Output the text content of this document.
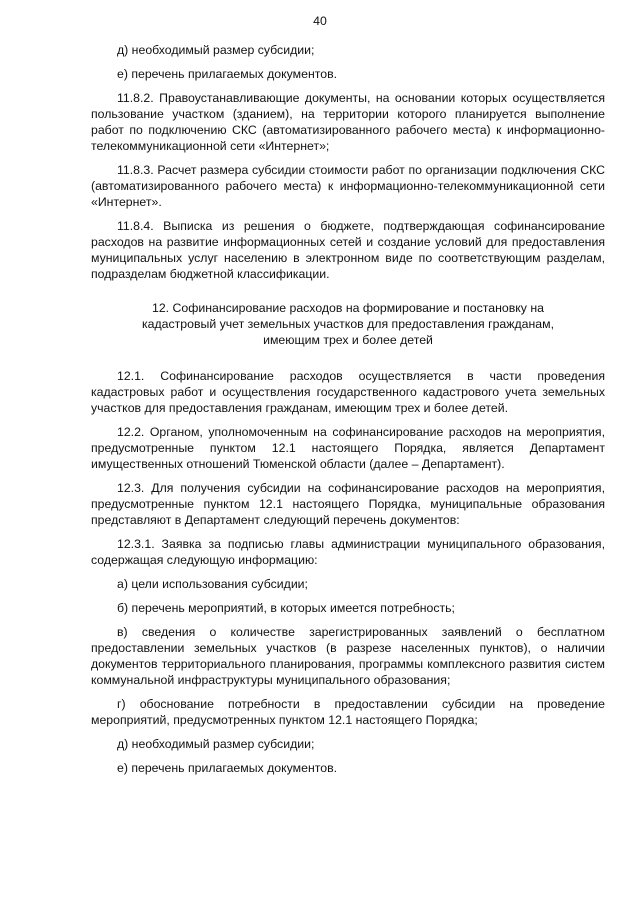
40

д) необходимый размер субсидии;

е) перечень прилагаемых документов.

11.8.2. Правоустанавливающие документы, на основании которых осуществляется пользование участком (зданием), на территории которого планируется выполнение работ по подключению СКС (автоматизированного рабочего места) к информационно-телекоммуникационной сети «Интернет»;

11.8.3. Расчет размера субсидии стоимости работ по организации подключения СКС (автоматизированного рабочего места) к информационно-телекоммуникационной сети «Интернет».

11.8.4. Выписка из решения о бюджете, подтверждающая софинансирование расходов на развитие информационных сетей и создание условий для предоставления муниципальных услуг населению в электронном виде по соответствующим разделам, подразделам бюджетной классификации.

12. Софинансирование расходов на формирование и постановку на кадастровый учет земельных участков для предоставления гражданам, имеющим трех и более детей

12.1. Софинансирование расходов осуществляется в части проведения кадастровых работ и осуществления государственного кадастрового учета земельных участков для предоставления гражданам, имеющим трех и более детей.

12.2. Органом, уполномоченным на софинансирование расходов на мероприятия, предусмотренные пунктом 12.1 настоящего Порядка, является Департамент имущественных отношений Тюменской области (далее – Департамент).

12.3. Для получения субсидии на софинансирование расходов на мероприятия, предусмотренные пунктом 12.1 настоящего Порядка, муниципальные образования представляют в Департамент следующий перечень документов:

12.3.1. Заявка за подписью главы администрации муниципального образования, содержащая следующую информацию:

а) цели использования субсидии;

б) перечень мероприятий, в которых имеется потребность;

в) сведения о количестве зарегистрированных заявлений о бесплатном предоставлении земельных участков (в разрезе населенных пунктов), о наличии документов территориального планирования, программы комплексного развития систем коммунальной инфраструктуры муниципального образования;

г) обоснование потребности в предоставлении субсидии на проведение мероприятий, предусмотренных пунктом 12.1 настоящего Порядка;

д) необходимый размер субсидии;

е) перечень прилагаемых документов.
